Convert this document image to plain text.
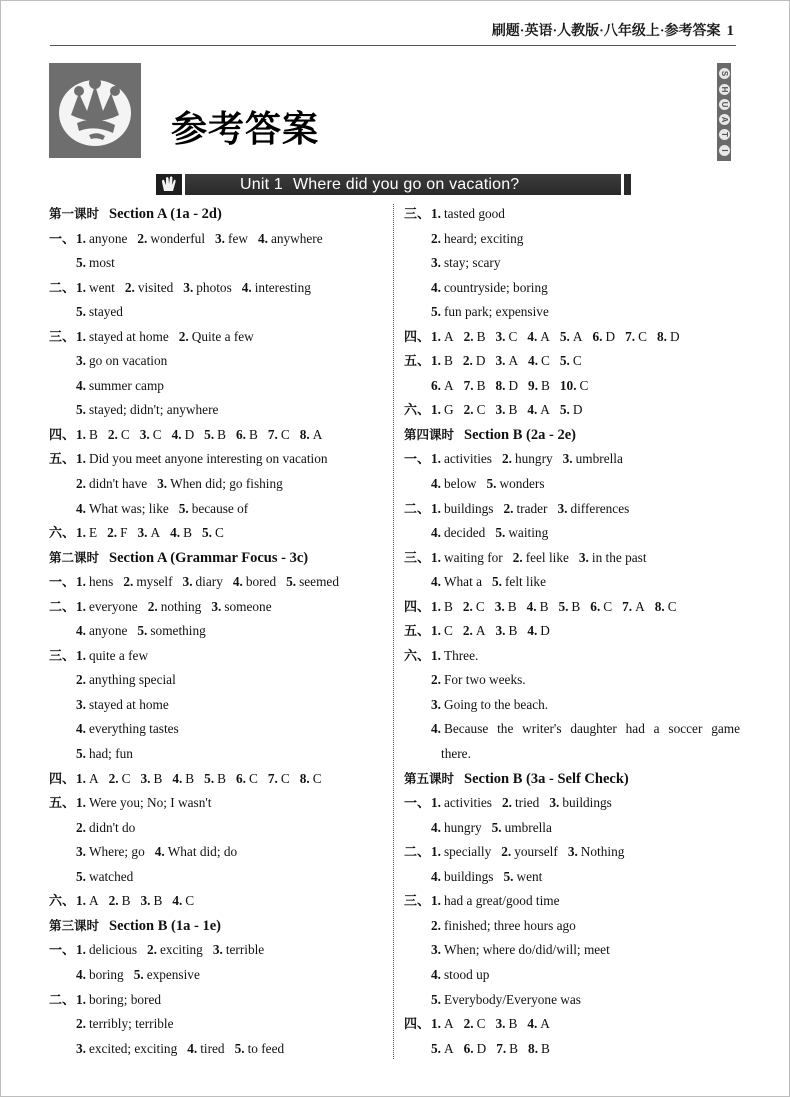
刷题·英语·人教版·八年级上·参考答案 1
参考答案
S
H
U
A
T
I
Unit 1 Where did you go on vacation?
第一课时 Section A (1a - 2d)
一、1. anyone 2. wonderful 3. few 4. anywhere
5. most
二、1. went 2. visited 3. photos 4. interesting
5. stayed
三、1. stayed at home 2. Quite a few
3. go on vacation
4. summer camp
5. stayed; didn't; anywhere
四、1. B 2. C 3. C 4. D 5. B 6. B 7. C 8. A
五、1. Did you meet anyone interesting on vacation
2. didn't have 3. When did; go fishing
4. What was; like 5. because of
六、1. E 2. F 3. A 4. B 5. C
第二课时 Section A (Grammar Focus - 3c)
一、1. hens 2. myself 3. diary 4. bored 5. seemed
二、1. everyone 2. nothing 3. someone
4. anyone 5. something
三、1. quite a few
2. anything special
3. stayed at home
4. everything tastes
5. had; fun
四、1. A 2. C 3. B 4. B 5. B 6. C 7. C 8. C
五、1. Were you; No; I wasn't
2. didn't do
3. Where; go 4. What did; do
5. watched
六、1. A 2. B 3. B 4. C
第三课时 Section B (1a - 1e)
一、1. delicious 2. exciting 3. terrible
4. boring 5. expensive
二、1. boring; bored
2. terribly; terrible
3. excited; exciting 4. tired 5. to feed
三、1. tasted good
2. heard; exciting
3. stay; scary
4. countryside; boring
5. fun park; expensive
四、1. A 2. B 3. C 4. A 5. A 6. D 7. C 8. D
五、1. B 2. D 3. A 4. C 5. C
6. A 7. B 8. D 9. B 10. C
六、1. G 2. C 3. B 4. A 5. D
第四课时 Section B (2a - 2e)
一、1. activities 2. hungry 3. umbrella
4. below 5. wonders
二、1. buildings 2. trader 3. differences
4. decided 5. waiting
三、1. waiting for 2. feel like 3. in the past
4. What a 5. felt like
四、1. B 2. C 3. B 4. B 5. B 6. C 7. A 8. C
五、1. C 2. A 3. B 4. D
六、1. Three.
2. For two weeks.
3. Going to the beach.
4. Because the writer's daughter had a soccer game
there.
第五课时 Section B (3a - Self Check)
一、1. activities 2. tried 3. buildings
4. hungry 5. umbrella
二、1. specially 2. yourself 3. Nothing
4. buildings 5. went
三、1. had a great/good time
2. finished; three hours ago
3. When; where do/did/will; meet
4. stood up
5. Everybody/Everyone was
四、1. A 2. C 3. B 4. A
5. A 6. D 7. B 8. B
